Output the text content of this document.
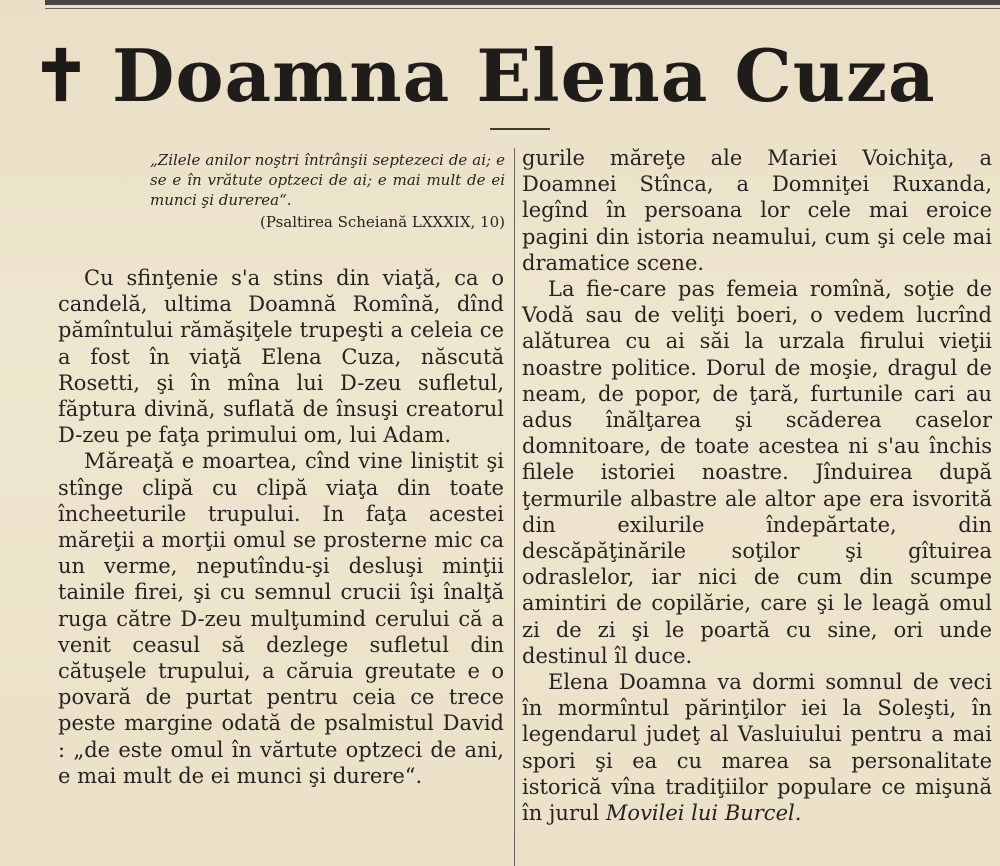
✝ Doamna Elena Cuza
„Zilele anilor noştri întrânşii septezeci de ai; e se e în vrătute optzeci de ai; e mai mult de ei munci şi durerea“.
(Psaltirea Scheiană LXXXIX, 10)

Cu sfinţenie s'a stins din viaţă, ca o candelă, ultima Doamnă Romînă, dînd pămîntului rămăşiţele trupeşti a celeia ce a fost în viaţă Elena Cuza, născută Rosetti, şi în mîna lui D-zeu sufletul, făptura divină, suflată de însuşi creatorul D-zeu pe faţa primului om, lui Adam.

Măreaţă e moartea, cînd vine liniştit şi stînge clipă cu clipă viaţa din toate încheeturile trupului. In faţa acestei măreţii a morţii omul se prosterne mic ca un verme, neputîndu-şi desluşi minţii tainile firei, şi cu semnul crucii îşi înalţă ruga către D-zeu mulţumind cerului că a venit ceasul să dezlege sufletul din cătuşele trupului, a căruia greutate e o povară de purtat pentru ceia ce trece peste margine odată de psalmistul David : „de este omul în vărtute optzeci de ani, e mai mult de ei munci şi durere“.

gurile măreţe ale Mariei Voichiţa, a Doamnei Stînca, a Domniţei Ruxanda, legînd în persoana lor cele mai eroice pagini din istoria neamului, cum şi cele mai dramatice scene.

La fie-care pas femeia romînă, soţie de Vodă sau de veliţi boeri, o vedem lucrînd alăturea cu ai săi la urzala firului vieţii noastre politice. Dorul de moşie, dragul de neam, de popor, de ţară, furtunile cari au adus înălţarea şi scăderea caselor domnitoare, de toate acestea ni s'au închis filele istoriei noastre. Jînduirea după ţermurile albastre ale altor ape era isvorită din exilurile îndepărtate, din descăpăţinările soţilor şi gîtuirea odraslelor, iar nici de cum din scumpe amintiri de copilărie, care şi le leagă omul zi de zi şi le poartă cu sine, ori unde destinul îl duce.

Elena Doamna va dormi somnul de veci în mormîntul părinţilor iei la Soleşti, în legendarul judeţ al Vasluiului pentru a mai spori şi ea cu marea sa personalitate istorică vîna tradiţiilor populare ce mişună în jurul Movilei lui Burcel.
